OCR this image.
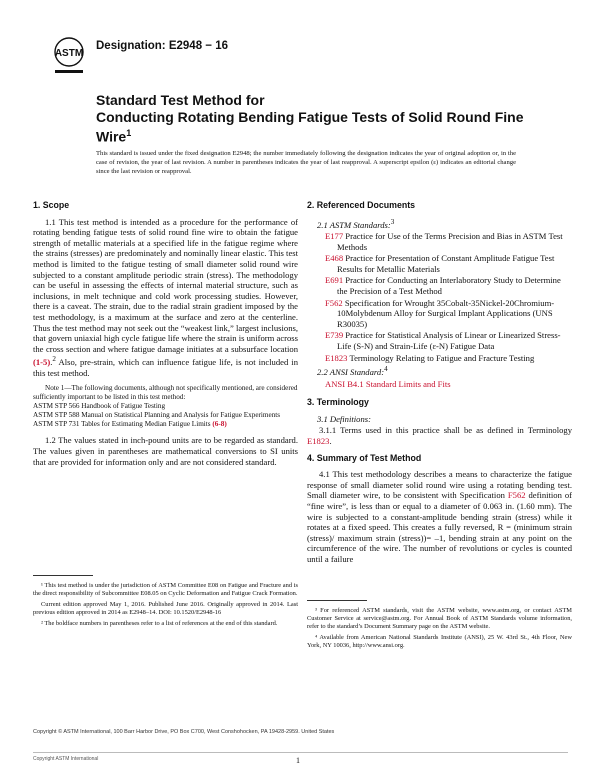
ASTM
Designation: E2948 − 16
Standard Test Method for
Conducting Rotating Bending Fatigue Tests of Solid Round Fine Wire$^1$
This standard is issued under the fixed designation E2948; the number immediately following the designation indicates the year of original adoption or, in the case of revision, the year of last revision. A number in parentheses indicates the year of last reapproval. A superscript epsilon (ε) indicates an editorial change since the last revision or reapproval.
1. Scope

1.1 This test method is intended as a procedure for the performance of rotating bending fatigue tests of solid round fine wire to obtain the fatigue strength of metallic materials at a specified life in the fatigue regime where the strains (stresses) are predominately and nominally linear elastic. This test method is limited to the fatigue testing of small diameter solid round wire subjected to a constant amplitude periodic strain (stress). The methodology can be useful in assessing the effects of internal material structure, such as inclusions, in melt technique and cold work processing studies. However, there is a caveat. The strain, due to the radial strain gradient imposed by the test methodology, is a maximum at the surface and zero at the centerline. Thus the test method may not seek out the “weakest link,” largest inclusions, that govern uniaxial high cycle fatigue life where the strain is uniform across the cross section and where fatigue damage initiates at a subsurface location (1-5).$^2$ Also, pre-strain, which can influence fatigue life, is not included in this test method.

Note 1—The following documents, although not specifically mentioned, are considered sufficiently important to be listed in this test method:
ASTM STP 566 Handbook of Fatigue Testing
ASTM STP 588 Manual on Statistical Planning and Analysis for Fatigue Experiments
ASTM STP 731 Tables for Estimating Median Fatigue Limits (6-8)

1.2 The values stated in inch-pound units are to be regarded as standard. The values given in parentheses are mathematical conversions to SI units that are provided for information only and are not considered standard.

¹ This test method is under the jurisdiction of ASTM Committee E08 on Fatigue and Fracture and is the direct responsibility of Subcommittee E08.05 on Cyclic Deformation and Fatigue Crack Formation.

Current edition approved May 1, 2016. Published June 2016. Originally approved in 2014. Last previous edition approved in 2014 as E2948–14. DOI: 10.1520/E2948-16

² The boldface numbers in parentheses refer to a list of references at the end of this standard.

2. Referenced Documents
2.1 ASTM Standards:$^3$
E177 Practice for Use of the Terms Precision and Bias in ASTM Test Methods
E468 Practice for Presentation of Constant Amplitude Fatigue Test Results for Metallic Materials
E691 Practice for Conducting an Interlaboratory Study to Determine the Precision of a Test Method
F562 Specification for Wrought 35Cobalt-35Nickel-20Chromium-10Molybdenum Alloy for Surgical Implant Applications (UNS R30035)
E739 Practice for Statistical Analysis of Linear or Linearized Stress-Life (S-N) and Strain-Life (ε-N) Fatigue Data
E1823 Terminology Relating to Fatigue and Fracture Testing
2.2 ANSI Standard:$^4$
ANSI B4.1 Standard Limits and Fits
3. Terminology
3.1 Definitions:

3.1.1 Terms used in this practice shall be as defined in Terminology E1823.

4. Summary of Test Method

4.1 This test methodology describes a means to characterize the fatigue response of small diameter solid round wire using a rotating bending test. Small diameter wire, to be consistent with Specification F562 definition of “fine wire”, is less than or equal to a diameter of 0.063 in. (1.60 mm). The wire is subjected to a constant-amplitude bending strain (stress) while it rotates at a fixed speed. This creates a fully reversed, R = (minimum strain (stress)/ maximum strain (stress))= –1, bending strain at any point on the circumference of the wire. The number of revolutions or cycles is counted until a failure

³ For referenced ASTM standards, visit the ASTM website, www.astm.org, or contact ASTM Customer Service at service@astm.org. For Annual Book of ASTM Standards volume information, refer to the standard’s Document Summary page on the ASTM website.

⁴ Available from American National Standards Institute (ANSI), 25 W. 43rd St., 4th Floor, New York, NY 10036, http://www.ansi.org.

Copyright © ASTM International, 100 Barr Harbor Drive, PO Box C700, West Conshohocken, PA 19428-2959. United States
Copyright ASTM International	1
